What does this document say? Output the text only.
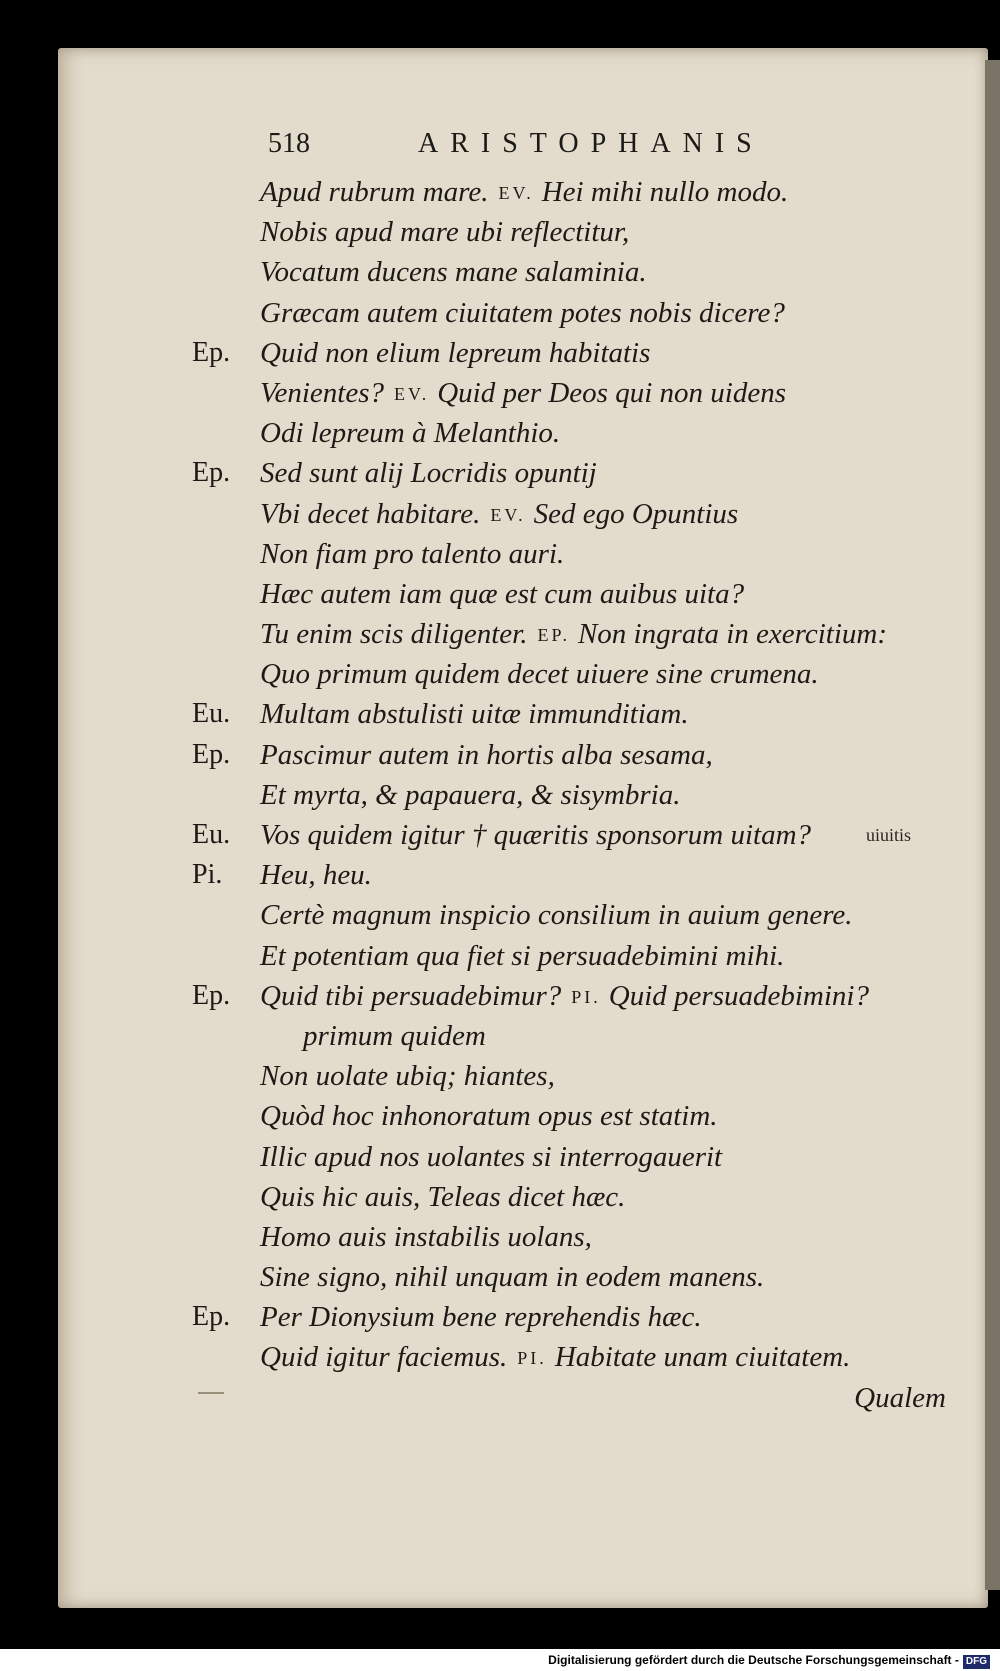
518	ARISTOPHANIS
Apud rubrum mare. EV. Hei mihi nullo modo.
Nobis apud mare ubi reflectitur,
Vocatum ducens mane salaminia.
Græcam autem ciuitatem potes nobis dicere?
Ep. Quid non elium lepreum habitatis
Venientes? EV. Quid per Deos qui non uidens
Odi lepreum à Melanthio.
Ep. Sed sunt alij Locridis opuntij
Vbi decet habitare. EV. Sed ego Opuntius
Non fiam pro talento auri.
Hæc autem iam quæ est cum auibus uita?
Tu enim scis diligenter. EP. Non ingrata in exercitium:
Quo primum quidem decet uiuere sine crumena.
Eu. Multam abstulisti uitæ immunditiam.
Ep. Pascimur autem in hortis alba sesama,
Et myrta, & papauera, & sisymbria.
Eu. Vos quidem igitur † quæritis sponsorum uitam?	uiuitis
Pi. Heu, heu.
Certè magnum inspicio consilium in auium genere.
Et potentiam qua fiet si persuadebimini mihi.
Ep. Quid tibi persuadebimur? PI. Quid persuadebimini?
primum quidem
Non uolate ubiq; hiantes,
Quòd hoc inhonoratum opus est statim.
Illic apud nos uolantes si interrogauerit
Quis hic auis, Teleas dicet hæc.
Homo auis instabilis uolans,
Sine signo, nihil unquam in eodem manens.
Ep. Per Dionysium bene reprehendis hæc.
Quid igitur faciemus. PI. Habitate unam ciuitatem.
Qualem
Digitalisierung gefördert durch die Deutsche Forschungsgemeinschaft - DFG
